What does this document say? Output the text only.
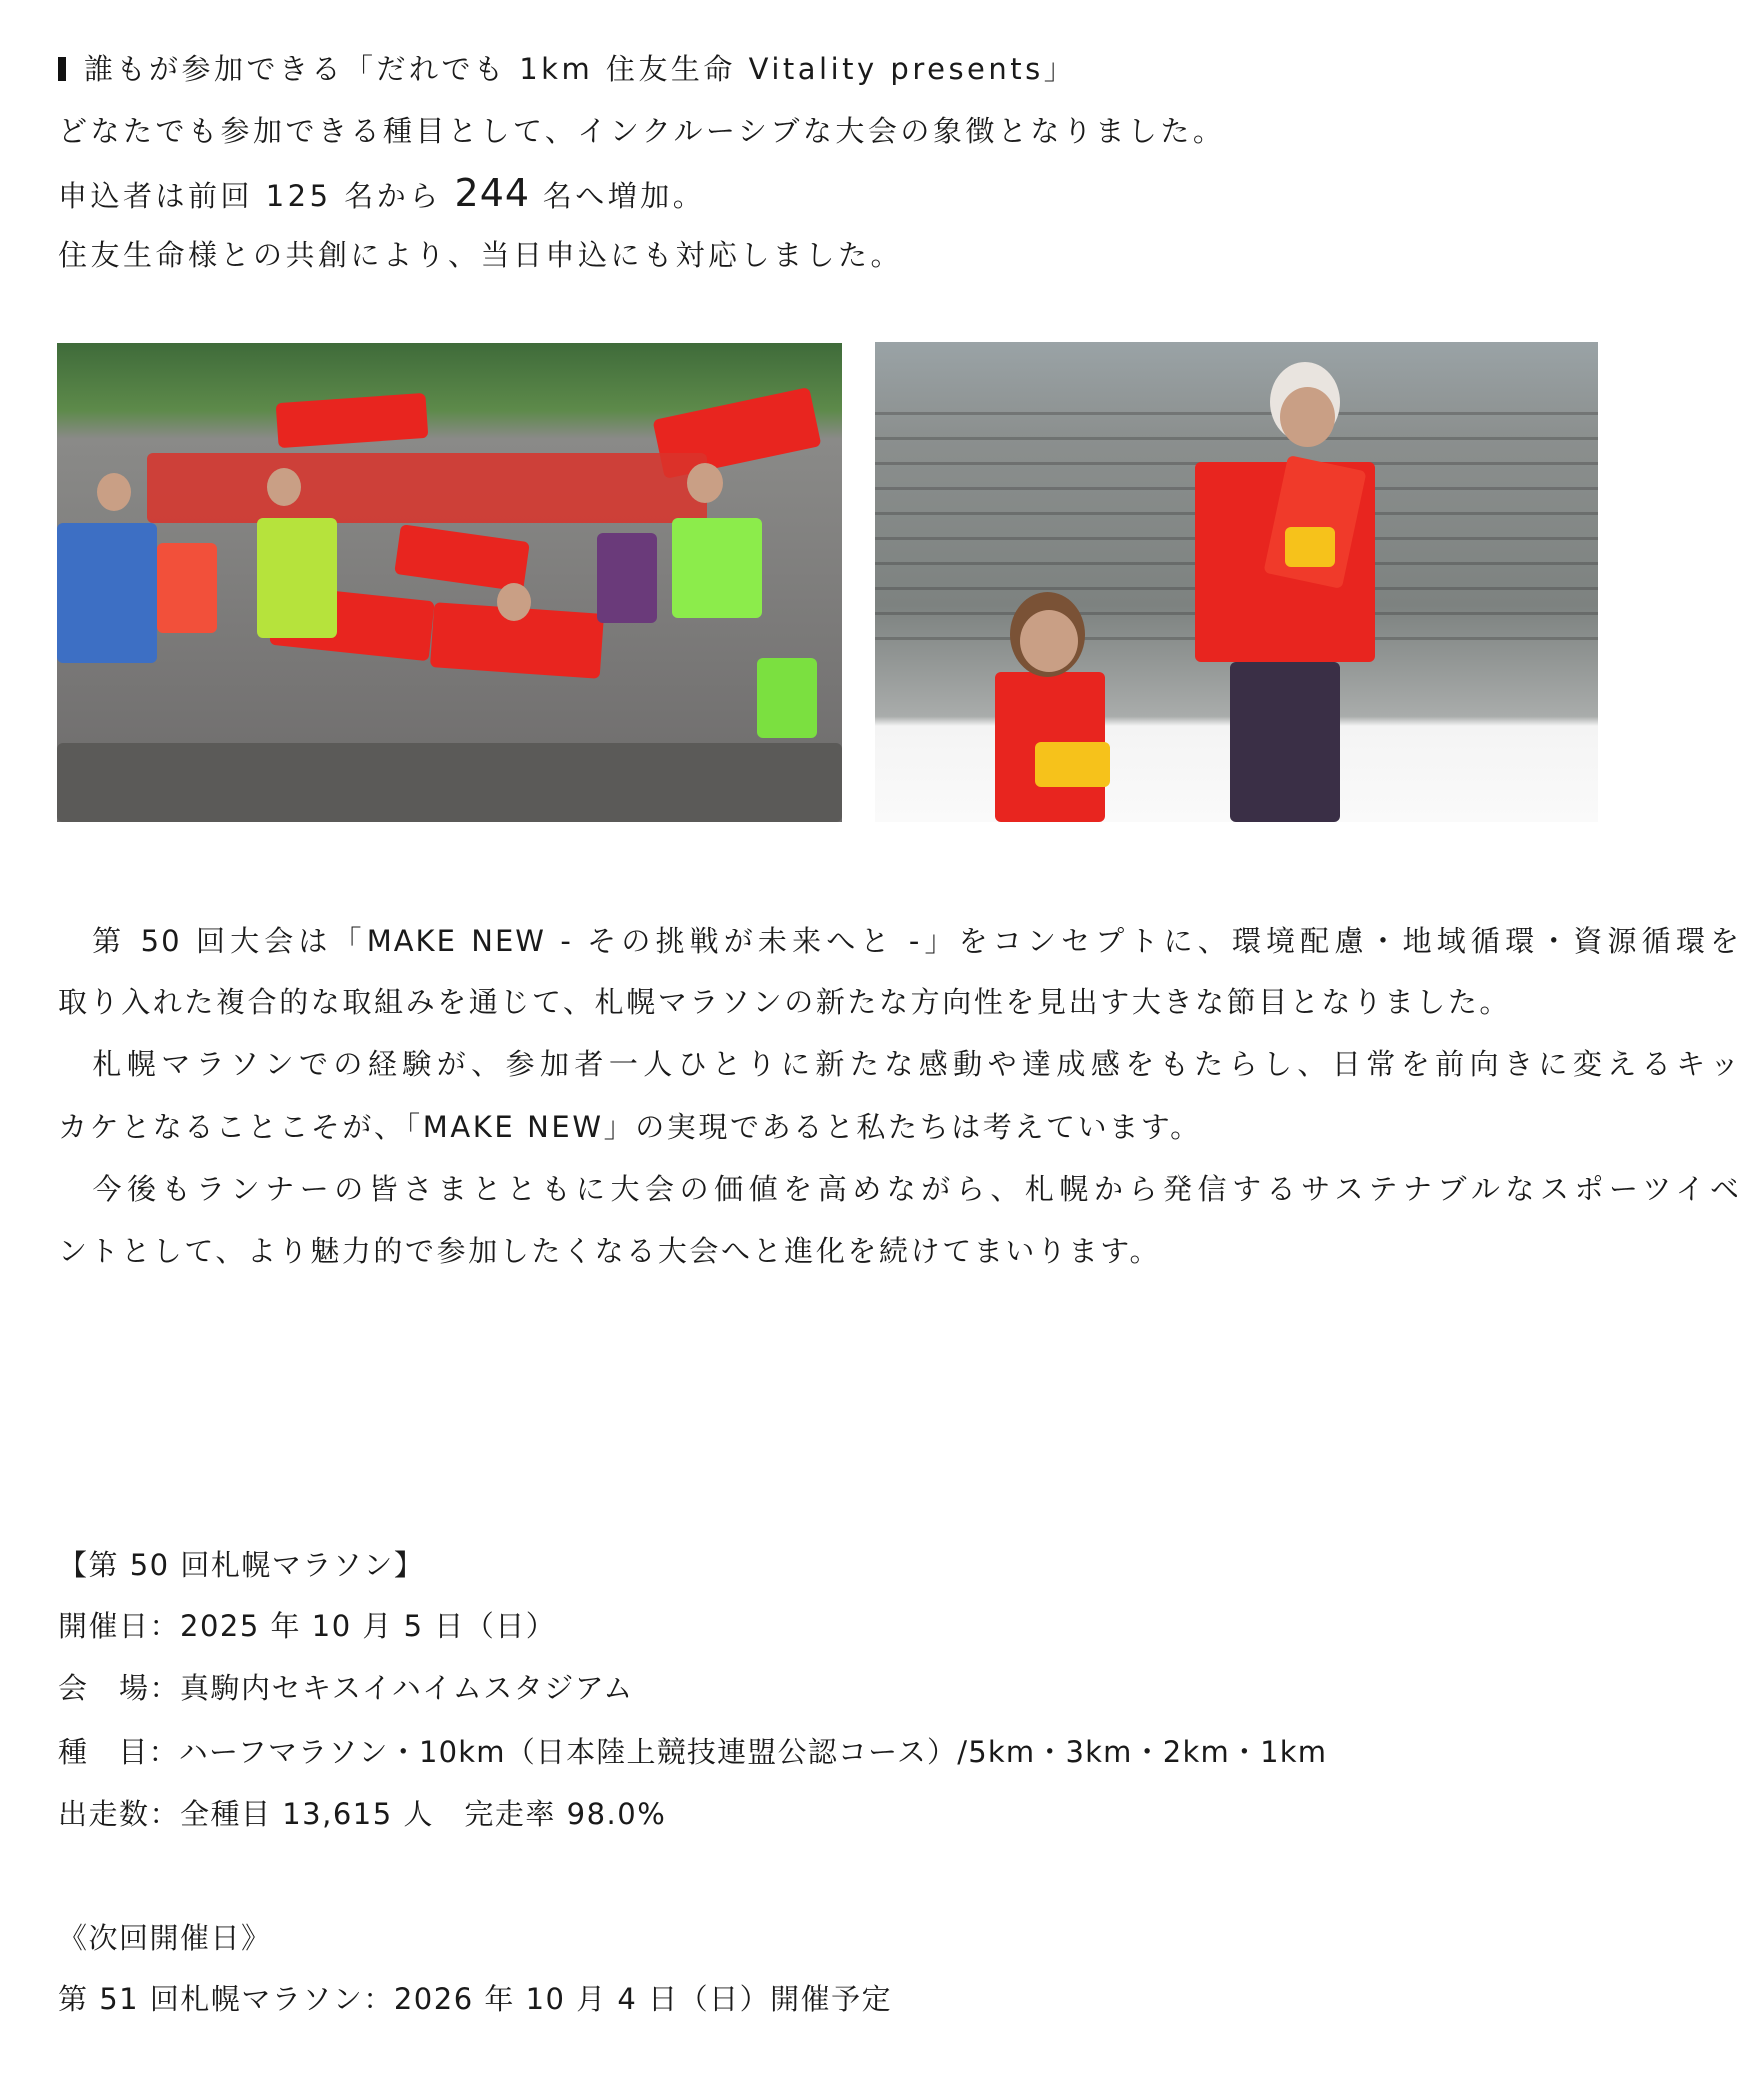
誰もが参加できる「だれでも 1km 住友生命 Vitality presents」
どなたでも参加できる種目として、インクルーシブな大会の象徴となりました。
申込者は前回 125 名から 244 名へ増加。
住友生命様との共創により、当日申込にも対応しました。
　第 50 回大会は「MAKE NEW - その挑戦が未来へと -」をコンセプトに、環境配慮・地域循環・資源循環を
取り入れた複合的な取組みを通じて、札幌マラソンの新たな方向性を見出す大きな節目となりました。
　札幌マラソンでの経験が、参加者一人ひとりに新たな感動や達成感をもたらし、日常を前向きに変えるキッ
カケとなることこそが、「MAKE NEW」の実現であると私たちは考えています。
　今後もランナーの皆さまとともに大会の価値を高めながら、札幌から発信するサステナブルなスポーツイベ
ントとして、より魅力的で参加したくなる大会へと進化を続けてまいります。
【第 50 回札幌マラソン】
開催日：2025 年 10 月 5 日（日）
会　場：真駒内セキスイハイムスタジアム
種　目：ハーフマラソン・10km（日本陸上競技連盟公認コース）/5km・3km・2km・1km
出走数：全種目 13,615 人　完走率 98.0%
《次回開催日》
第 51 回札幌マラソン：2026 年 10 月 4 日（日）開催予定
